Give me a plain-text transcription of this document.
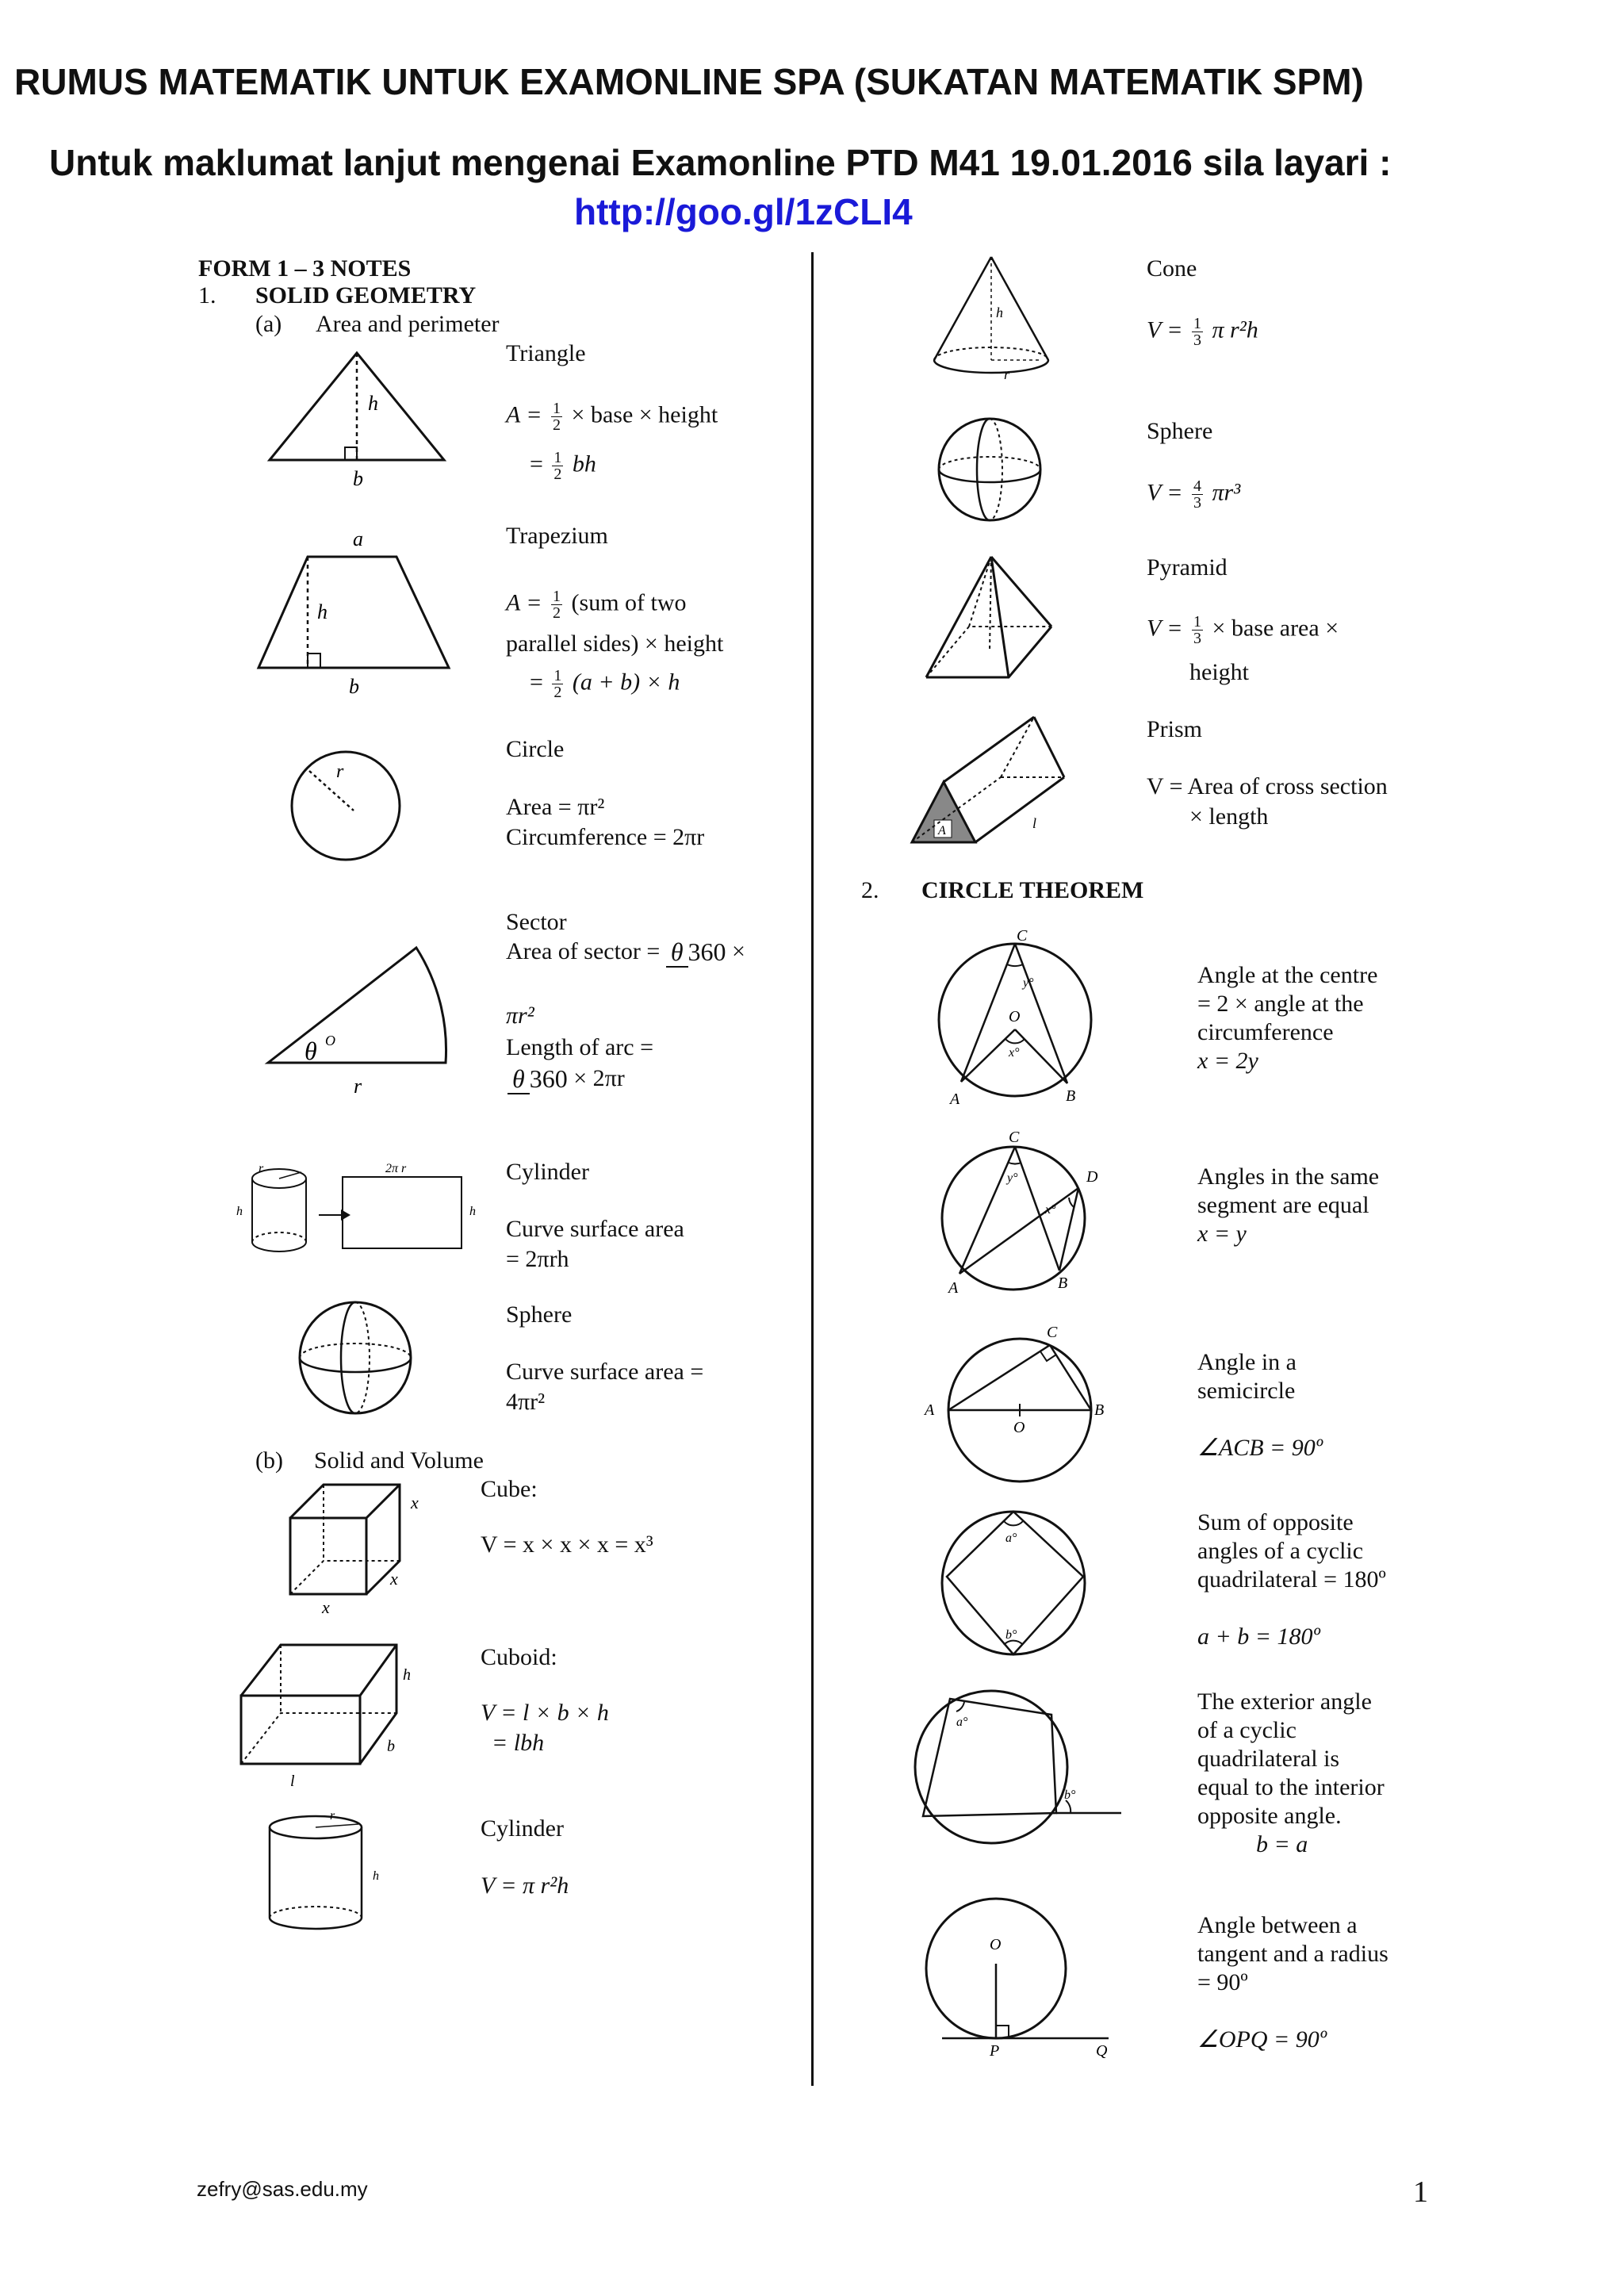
RUMUS MATEMATIK UNTUK EXAMONLINE SPA (SUKATAN MATEMATIK SPM)
Untuk maklumat lanjut mengenai Examonline PTD M41 19.01.2016 sila layari :
http://goo.gl/1zCLI4
FORM 1 – 3 NOTES
1. SOLID GEOMETRY
(a) Area and perimeter
h
b
Triangle
$A = \frac{1}{2}$ × base × height
= $\frac{1}{2}$ bh
a
h
b
Trapezium
$A = \frac{1}{2} (sum$ of two
parallel sides) × height
= $\frac{1}{2} (a + b) \times h$
r
Circle
Area = πr²
Circumference = 2πr
θ O
r
Sector
Area of sector = θ 360 ×
πr²
Length of arc =
θ 360 × 2πr
r
h
2π r
h
Cylinder
Curve surface area
= 2πrh
Sphere
Curve surface area =
4πr²
(b) Solid and Volume
x
x
x
Cube:
V = x × x × x = x³
h
b
l
Cuboid:
V = l × b × h
= lbh
r
h
Cylinder
V = π r²h
h
r
Cone
$V = \frac{1}{3}$ π r²h
Sphere
$V = \frac{4}{3} \pi r^3$
Pyramid
$V = \frac{1}{3}$ × base area ×
height
A	l
Prism
V = Area of cross section
× length
2. CIRCLE THEOREM
y°
O
x°
C
A	B
Angle at the centre
= 2 × angle at the
circumference
x = 2y
C
D
A	B
y°
x°
Angles in the same
segment are equal
x = y
C
A	B
O
Angle in a
semicircle
∠ACB = 90º
a°
b°
Sum of opposite
angles of a cyclic
quadrilateral = 180º
a + b = 180º
a°
b°
The exterior angle
of a cyclic
quadrilateral is
equal to the interior
opposite angle.
b = a
O
P	Q
Angle between a
tangent and a radius
= 90º
∠OPQ = 90º
zefry@sas.edu.my	1
